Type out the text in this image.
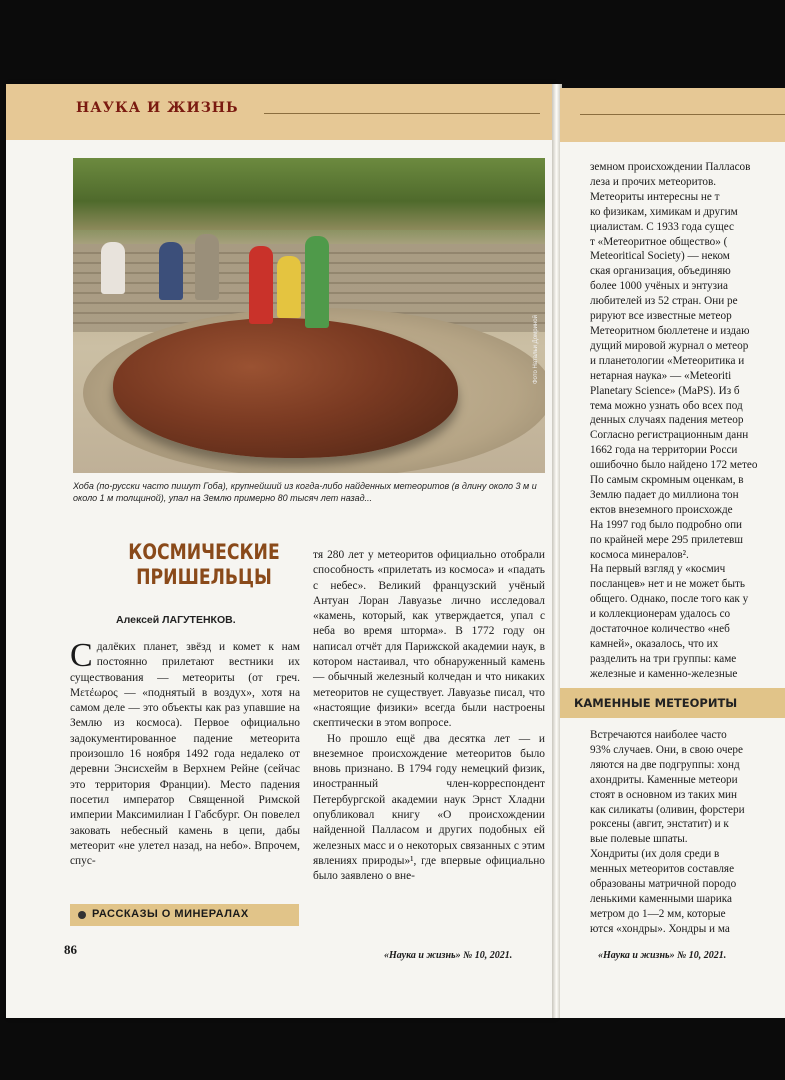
НАУКА И ЖИЗНЬ
Фото Натальи Домриной
Хоба (по-русски часто пишут Гоба), крупнейший из когда-либо найденных метеоритов (в длину около 3 м и около 1 м толщиной), упал на Землю примерно 80 тысяч лет назад...
КОСМИЧЕСКИЕ
ПРИШЕЛЬЦЫ
Алексей ЛАГУТЕНКОВ.

Сдалёких планет, звёзд и комет к нам постоянно прилетают вестники их существования — метеориты (от греч. Μετέωρος — «поднятый в воздух», хотя на самом деле — это объекты как раз упавшие на Землю из космоса). Первое официально задокументированное падение метеорита произошло 16 ноября 1492 года недалеко от деревни Энсисхейм в Верхнем Рейне (сейчас это территория Франции). Место падения посетил император Священной Римской империи Максимилиан I Габсбург. Он повелел заковать небесный камень в цепи, дабы метеорит «не улетел назад, на небо». Впрочем, спус-

тя 280 лет у метеоритов официально отобрали способность «прилетать из космоса» и «падать с небес». Великий французский учёный Антуан Лоран Лавуазье лично исследовал «камень, который, как утверждается, упал с неба во время шторма». В 1772 году он написал отчёт для Парижской академии наук, в котором настаивал, что обнаруженный камень — обычный железный колчедан и что никаких метеоритов не существует. Лавуазье писал, что «настоящие физики» всегда были настроены скептически в этом вопросе.

Но прошло ещё два десятка лет — и внеземное происхождение метеоритов было вновь признано. В 1794 году немецкий физик, иностранный член-корреспондент Петербургской академии наук Эрнст Хладни опубликовал книгу «О происхождении найденной Палласом и других подобных ей железных масс и о некоторых связанных с этим явлениях природы»¹, где впервые официально было заявлено о вне-

РАССКАЗЫ О МИНЕРАЛАХ
86	«Наука и жизнь» № 10, 2021.
земном происхождении Палласов
леза и прочих метеоритов.
Метеориты интересны не т
ко физикам, химикам и другим
циалистам. С 1933 года сущес
т «Метеоритное общество» (
Meteoritical Society) — неком
ская организация, объединяю
более 1000 учёных и энтузиа
любителей из 52 стран. Они ре
рируют все известные метеор
Метеоритном бюллетене и издаю
дущий мировой журнал о метеор
и планетологии «Метеоритика и
нетарная наука» — «Meteoriti
Planetary Science» (MaPS). Из б
тема можно узнать обо всех под
денных случаях падения метеор
Согласно регистрационным данн
1662 года на территории Росси
ошибочно было найдено 172 метео
По самым скромным оценкам, в
Землю падает до миллиона тон
ектов внеземного происхожде
На 1997 год было подробно опи
по крайней мере 295 прилетевш
космоса минералов².
На первый взгляд у «космич
посланцев» нет и не может быть
общего. Однако, после того как у
и коллекционерам удалось со
достаточное количество «неб
камней», оказалось, что их
разделить на три группы: каме
железные и каменно-железные
КАМЕННЫЕ МЕТЕОРИТЫ
Встречаются наиболее часто
93% случаев. Они, в свою очере
ляются на две подгруппы: хонд
ахондриты. Каменные метеори
стоят в основном из таких мин
как силикаты (оливин, форстери
роксены (авгит, энстатит) и к
вые полевые шпаты.
Хондриты (их доля среди в
менных метеоритов составляе
образованы матричной породо
ленькими каменными шарика
метром до 1—2 мм, которые
ются «хондры». Хондры и ма
«Наука и жизнь» № 10, 2021.
